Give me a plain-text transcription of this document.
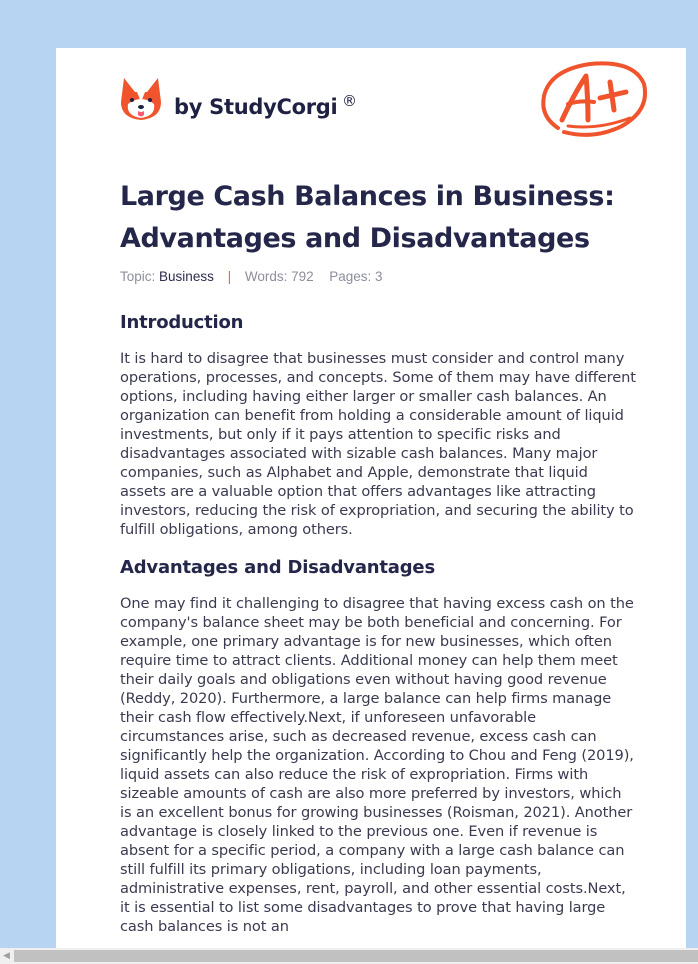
by StudyCorgi ®
Large Cash Balances in Business: Advantages and Disadvantages
Topic: Business | Words: 792 Pages: 3
Introduction

It is hard to disagree that businesses must consider and control many operations, processes, and concepts. Some of them may have different options, including having either larger or smaller cash balances. An organization can benefit from holding a considerable amount of liquid investments, but only if it pays attention to specific risks and disadvantages associated with sizable cash balances. Many major companies, such as Alphabet and Apple, demonstrate that liquid assets are a valuable option that offers advantages like attracting investors, reducing the risk of expropriation, and securing the ability to fulfill obligations, among others.

Advantages and Disadvantages

One may find it challenging to disagree that having excess cash on the company's balance sheet may be both beneficial and concerning. For example, one primary advantage is for new businesses, which often require time to attract clients. Additional money can help them meet their daily goals and obligations even without having good revenue (Reddy, 2020). Furthermore, a large balance can help firms manage their cash flow effectively.Next, if unforeseen unfavorable circumstances arise, such as decreased revenue, excess cash can significantly help the organization. According to Chou and Feng (2019), liquid assets can also reduce the risk of expropriation. Firms with sizeable amounts of cash are also more preferred by investors, which is an excellent bonus for growing businesses (Roisman, 2021). Another advantage is closely linked to the previous one. Even if revenue is absent for a specific period, a company with a large cash balance can still fulfill its primary obligations, including loan payments, administrative expenses, rent, payroll, and other essential costs.Next, it is essential to list some disadvantages to prove that having large cash balances is not an

◀
